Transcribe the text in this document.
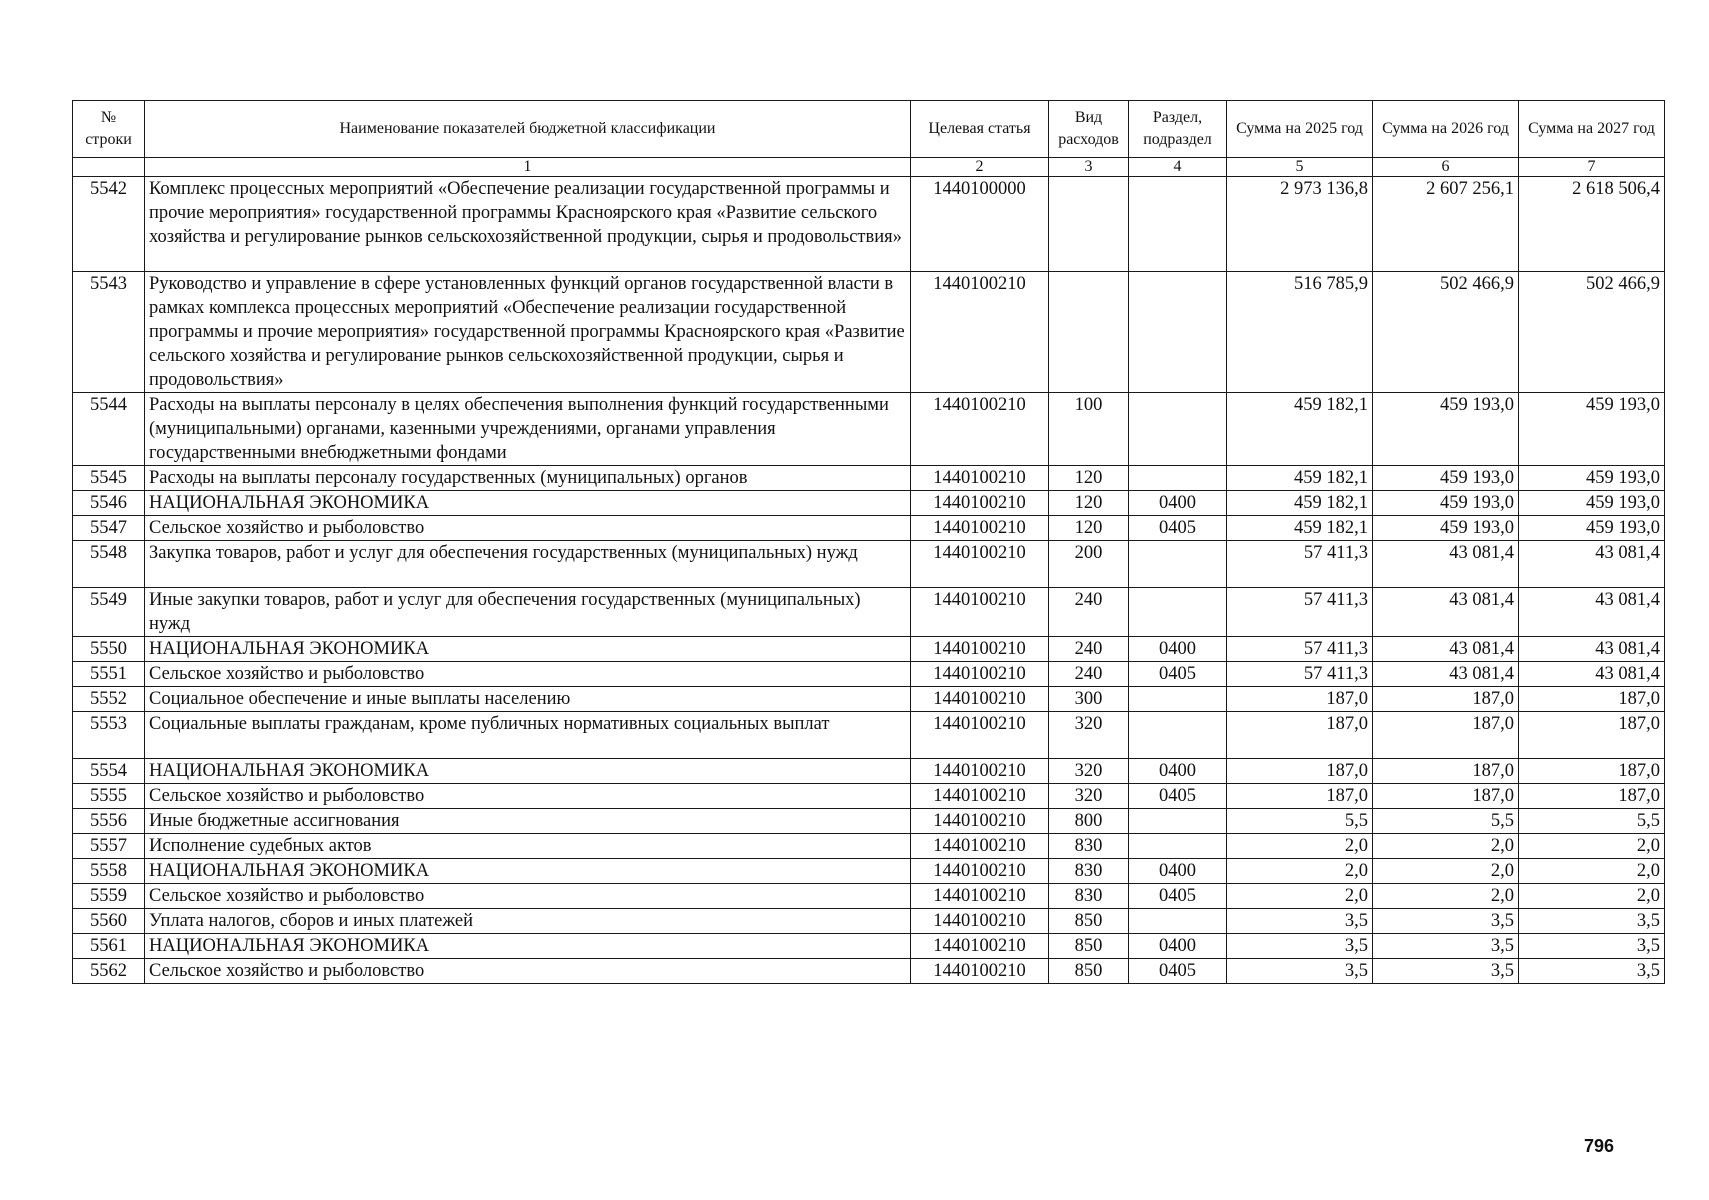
№ строки	Наименование показателей бюджетной классификации	Целевая статья	Вид расходов	Раздел, подраздел	Сумма на 2025 год	Сумма на 2026 год	Сумма на 2027 год
	1	2	3	4	5	6	7
5542	Комплекс процессных мероприятий «Обеспечение реализации государственной программы и прочие мероприятия» государственной программы Красноярского края «Развитие сельского хозяйства и регулирование рынков сельскохозяйственной продукции, сырья и продовольствия»	1440100000			2 973 136,8	2 607 256,1	2 618 506,4
5543	Руководство и управление в сфере установленных функций органов государственной власти в рамках комплекса процессных мероприятий «Обеспечение реализации государственной программы и прочие мероприятия» государственной программы Красноярского края «Развитие сельского хозяйства и регулирование рынков сельскохозяйственной продукции, сырья и продовольствия»	1440100210			516 785,9	502 466,9	502 466,9
5544	Расходы на выплаты персоналу в целях обеспечения выполнения функций государственными (муниципальными) органами, казенными учреждениями, органами управления государственными внебюджетными фондами	1440100210	100		459 182,1	459 193,0	459 193,0
5545	Расходы на выплаты персоналу государственных (муниципальных) органов	1440100210	120		459 182,1	459 193,0	459 193,0
5546	НАЦИОНАЛЬНАЯ ЭКОНОМИКА	1440100210	120	0400	459 182,1	459 193,0	459 193,0
5547	Сельское хозяйство и рыболовство	1440100210	120	0405	459 182,1	459 193,0	459 193,0
5548	Закупка товаров, работ и услуг для обеспечения государственных (муниципальных) нужд	1440100210	200		57 411,3	43 081,4	43 081,4
5549	Иные закупки товаров, работ и услуг для обеспечения государственных (муниципальных) нужд	1440100210	240		57 411,3	43 081,4	43 081,4
5550	НАЦИОНАЛЬНАЯ ЭКОНОМИКА	1440100210	240	0400	57 411,3	43 081,4	43 081,4
5551	Сельское хозяйство и рыболовство	1440100210	240	0405	57 411,3	43 081,4	43 081,4
5552	Социальное обеспечение и иные выплаты населению	1440100210	300		187,0	187,0	187,0
5553	Социальные выплаты гражданам, кроме публичных нормативных социальных выплат	1440100210	320		187,0	187,0	187,0
5554	НАЦИОНАЛЬНАЯ ЭКОНОМИКА	1440100210	320	0400	187,0	187,0	187,0
5555	Сельское хозяйство и рыболовство	1440100210	320	0405	187,0	187,0	187,0
5556	Иные бюджетные ассигнования	1440100210	800		5,5	5,5	5,5
5557	Исполнение судебных актов	1440100210	830		2,0	2,0	2,0
5558	НАЦИОНАЛЬНАЯ ЭКОНОМИКА	1440100210	830	0400	2,0	2,0	2,0
5559	Сельское хозяйство и рыболовство	1440100210	830	0405	2,0	2,0	2,0
5560	Уплата налогов, сборов и иных платежей	1440100210	850		3,5	3,5	3,5
5561	НАЦИОНАЛЬНАЯ ЭКОНОМИКА	1440100210	850	0400	3,5	3,5	3,5
5562	Сельское хозяйство и рыболовство	1440100210	850	0405	3,5	3,5	3,5
796
